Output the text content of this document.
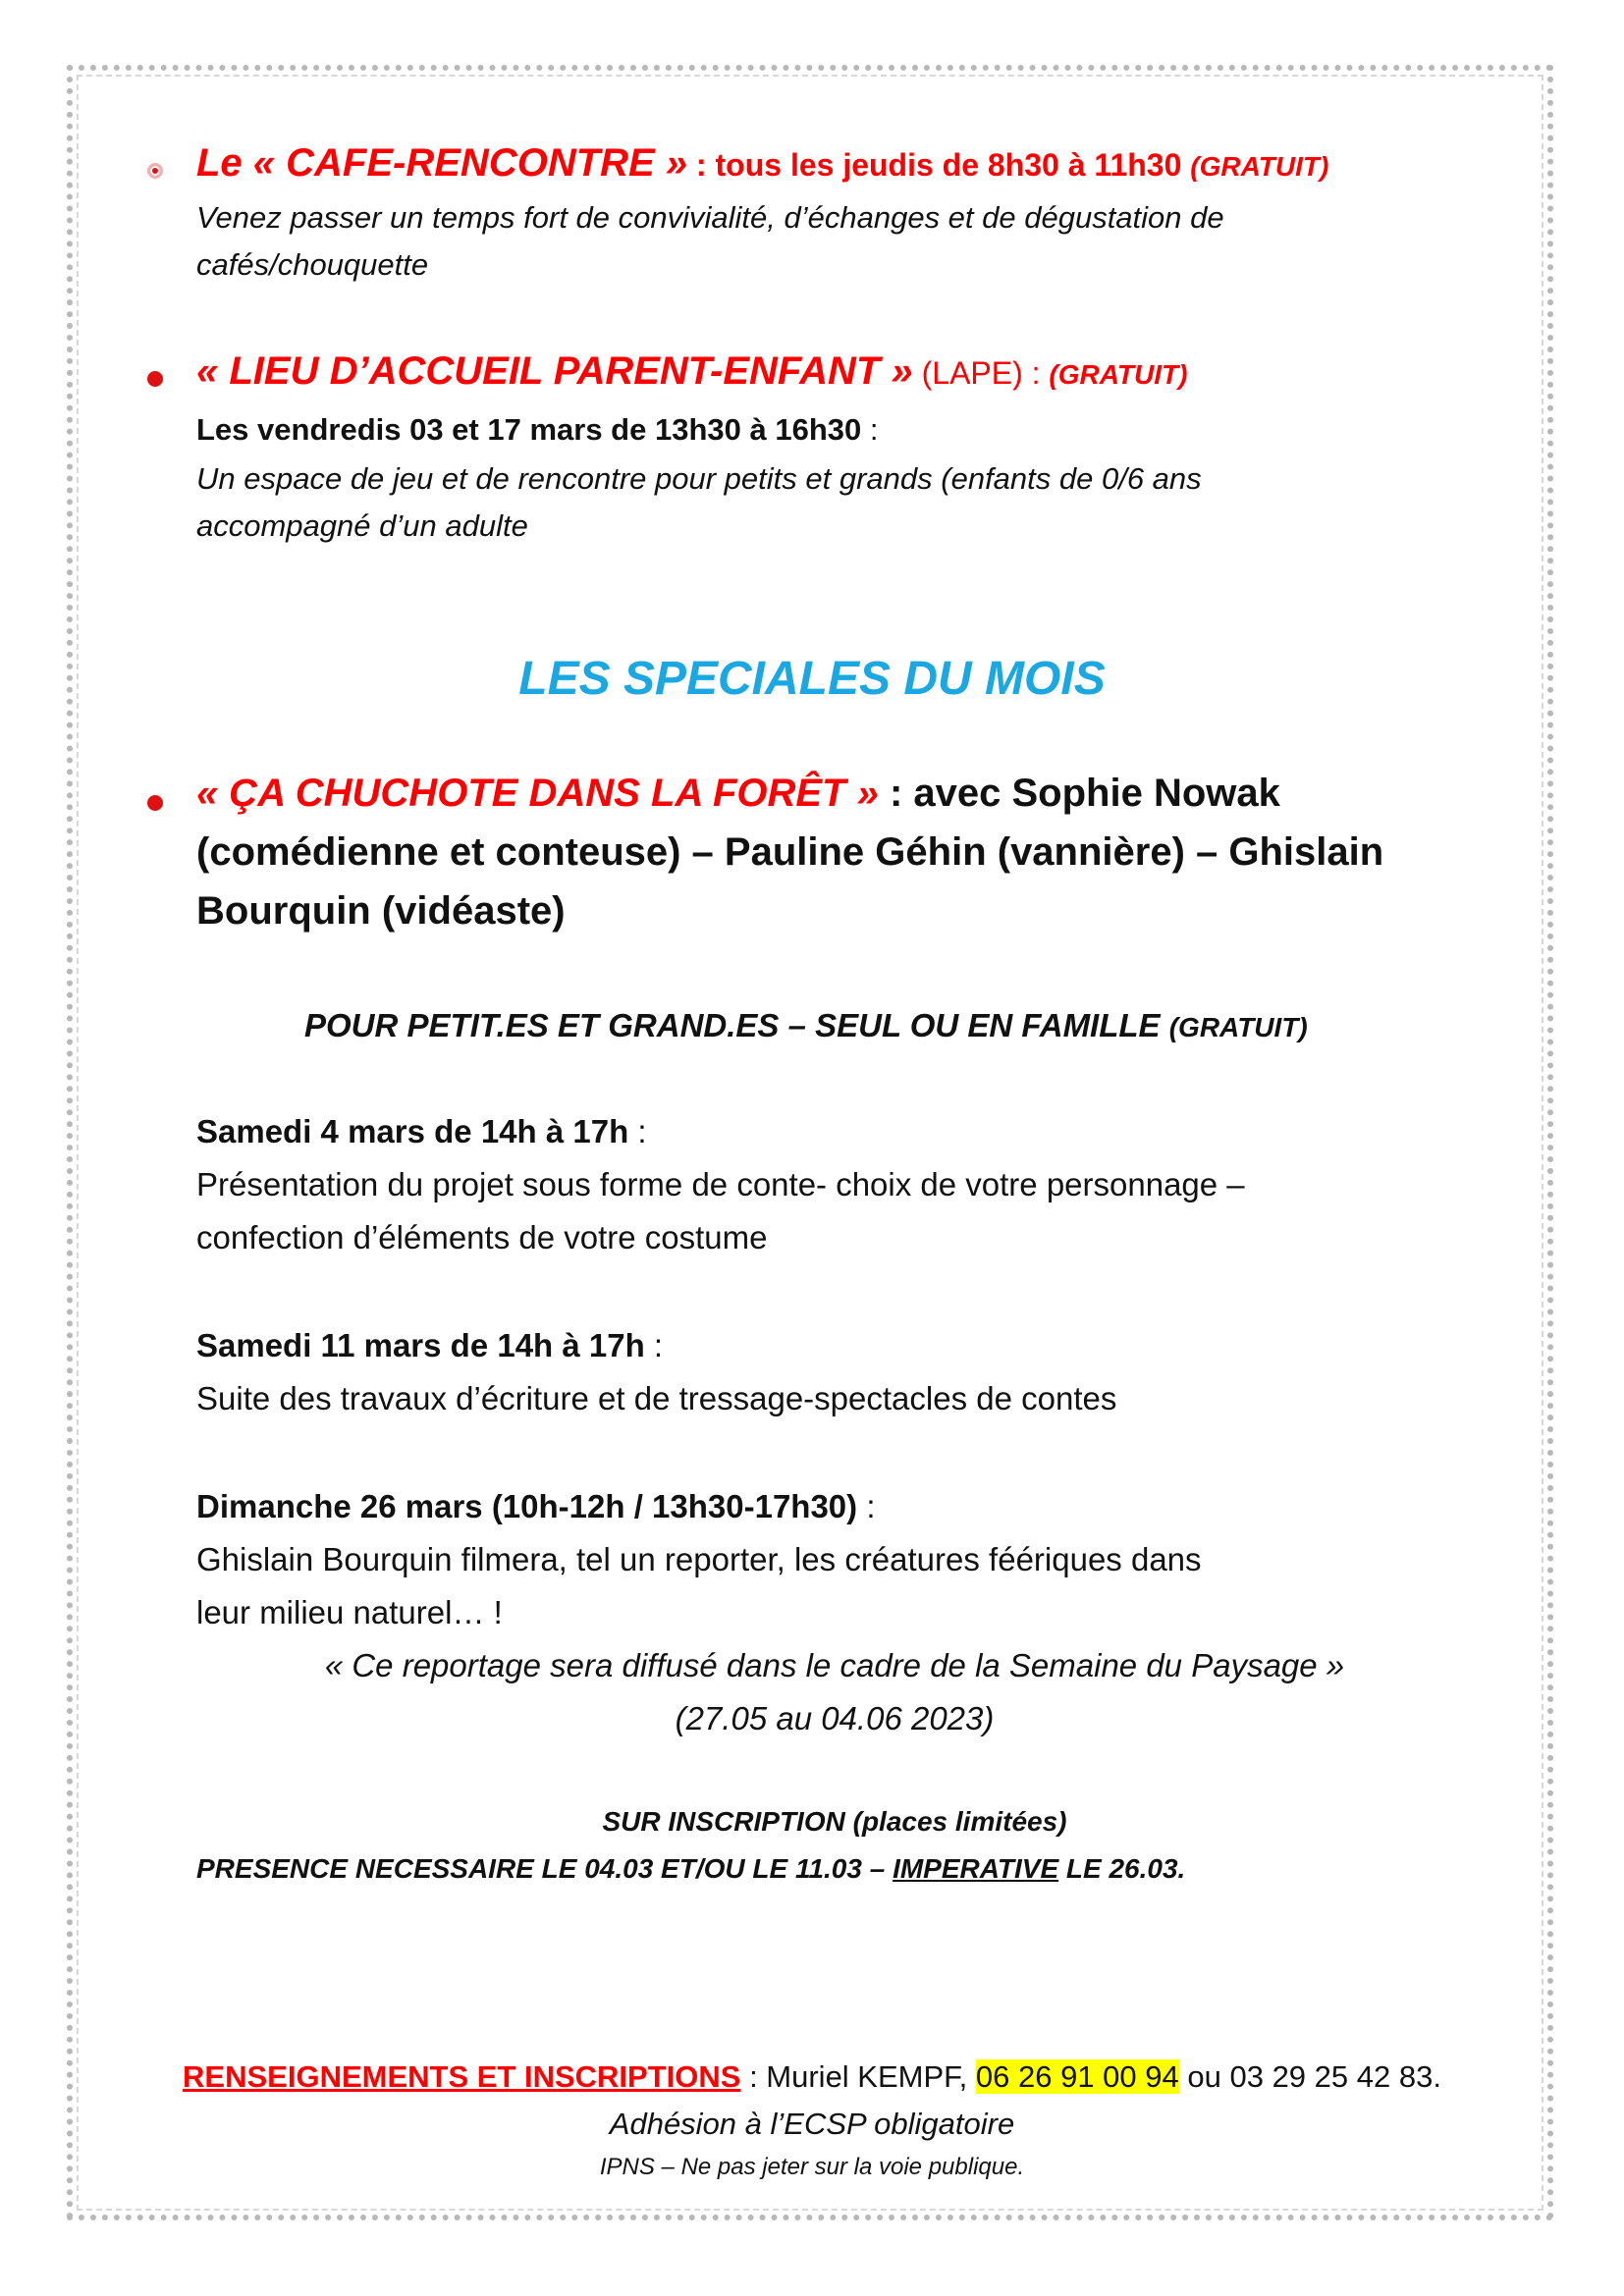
Le « CAFE-RENCONTRE » : tous les jeudis de 8h30 à 11h30 (GRATUIT)
Venez passer un temps fort de convivialité, d’échanges et de dégustation de
cafés/chouquette
« LIEU D’ACCUEIL PARENT-ENFANT » (LAPE) : (GRATUIT)
Les vendredis 03 et 17 mars de 13h30 à 16h30 :
Un espace de jeu et de rencontre pour petits et grands (enfants de 0/6 ans
accompagné d’un adulte
LES SPECIALES DU MOIS
« ÇA CHUCHOTE DANS LA FORÊT » : avec Sophie Nowak
(comédienne et conteuse) – Pauline Géhin (vannière) – Ghislain
Bourquin (vidéaste)
POUR PETIT.ES ET GRAND.ES – SEUL OU EN FAMILLE (GRATUIT)
Samedi 4 mars de 14h à 17h :
Présentation du projet sous forme de conte- choix de votre personnage –
confection d’éléments de votre costume
Samedi 11 mars de 14h à 17h :
Suite des travaux d’écriture et de tressage-spectacles de contes
Dimanche 26 mars (10h-12h / 13h30-17h30) :
Ghislain Bourquin filmera, tel un reporter, les créatures féériques dans
leur milieu naturel… !
« Ce reportage sera diffusé dans le cadre de la Semaine du Paysage »
(27.05 au 04.06 2023)
SUR INSCRIPTION (places limitées)
PRESENCE NECESSAIRE LE 04.03 ET/OU LE 11.03 – IMPERATIVE LE 26.03.
RENSEIGNEMENTS ET INSCRIPTIONS : Muriel KEMPF, 06 26 91 00 94 ou 03 29 25 42 83.
Adhésion à l’ECSP obligatoire
IPNS – Ne pas jeter sur la voie publique.
